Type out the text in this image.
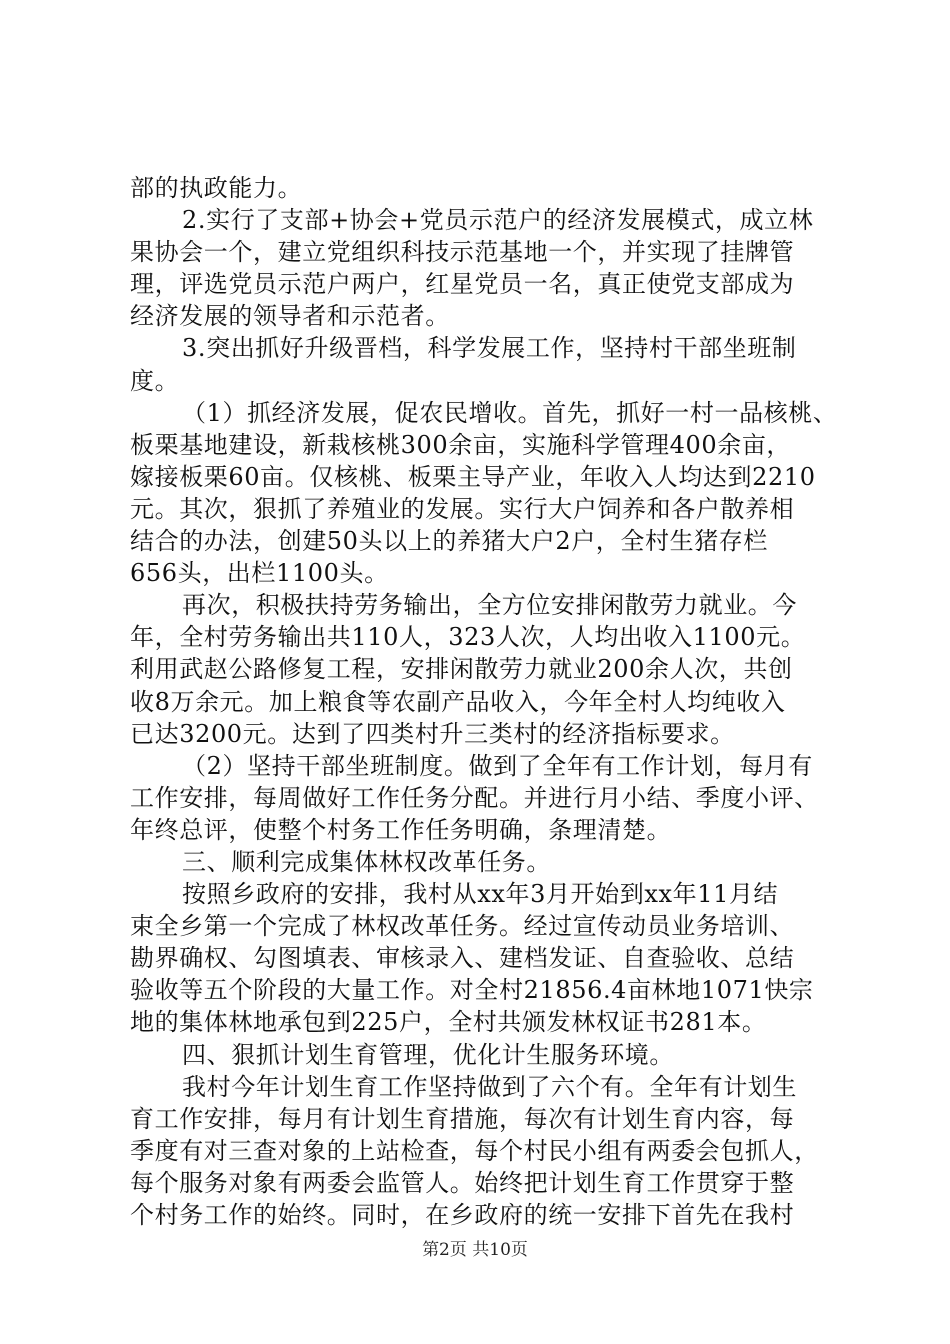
部的执政能力。
2.实行了支部+协会+党员示范户的经济发展模式，成立林
果协会一个，建立党组织科技示范基地一个，并实现了挂牌管
理，评选党员示范户两户，红星党员一名，真正使党支部成为
经济发展的领导者和示范者。
3.突出抓好升级晋档，科学发展工作，坚持村干部坐班制
度。
（1）抓经济发展，促农民增收。首先，抓好一村一品核桃、
板栗基地建设，新栽核桃300余亩，实施科学管理400余亩，
嫁接板栗60亩。仅核桃、板栗主导产业，年收入人均达到2210
元。其次，狠抓了养殖业的发展。实行大户饲养和各户散养相
结合的办法，创建50头以上的养猪大户2户，全村生猪存栏
656头，出栏1100头。
再次，积极扶持劳务输出，全方位安排闲散劳力就业。今
年，全村劳务输出共110人，323人次，人均出收入1100元。
利用武赵公路修复工程，安排闲散劳力就业200余人次，共创
收8万余元。加上粮食等农副产品收入，今年全村人均纯收入
已达3200元。达到了四类村升三类村的经济指标要求。
（2）坚持干部坐班制度。做到了全年有工作计划，每月有
工作安排，每周做好工作任务分配。并进行月小结、季度小评、
年终总评，使整个村务工作任务明确，条理清楚。
三、顺利完成集体林权改革任务。
按照乡政府的安排，我村从xx年3月开始到xx年11月结
束全乡第一个完成了林权改革任务。经过宣传动员业务培训、
勘界确权、勾图填表、审核录入、建档发证、自查验收、总结
验收等五个阶段的大量工作。对全村21856.4亩林地1071快宗
地的集体林地承包到225户，全村共颁发林权证书281本。
四、狠抓计划生育管理，优化计生服务环境。
我村今年计划生育工作坚持做到了六个有。全年有计划生
育工作安排，每月有计划生育措施，每次有计划生育内容，每
季度有对三查对象的上站检查，每个村民小组有两委会包抓人，
每个服务对象有两委会监管人。始终把计划生育工作贯穿于整
个村务工作的始终。同时，在乡政府的统一安排下首先在我村
第2页 共10页
